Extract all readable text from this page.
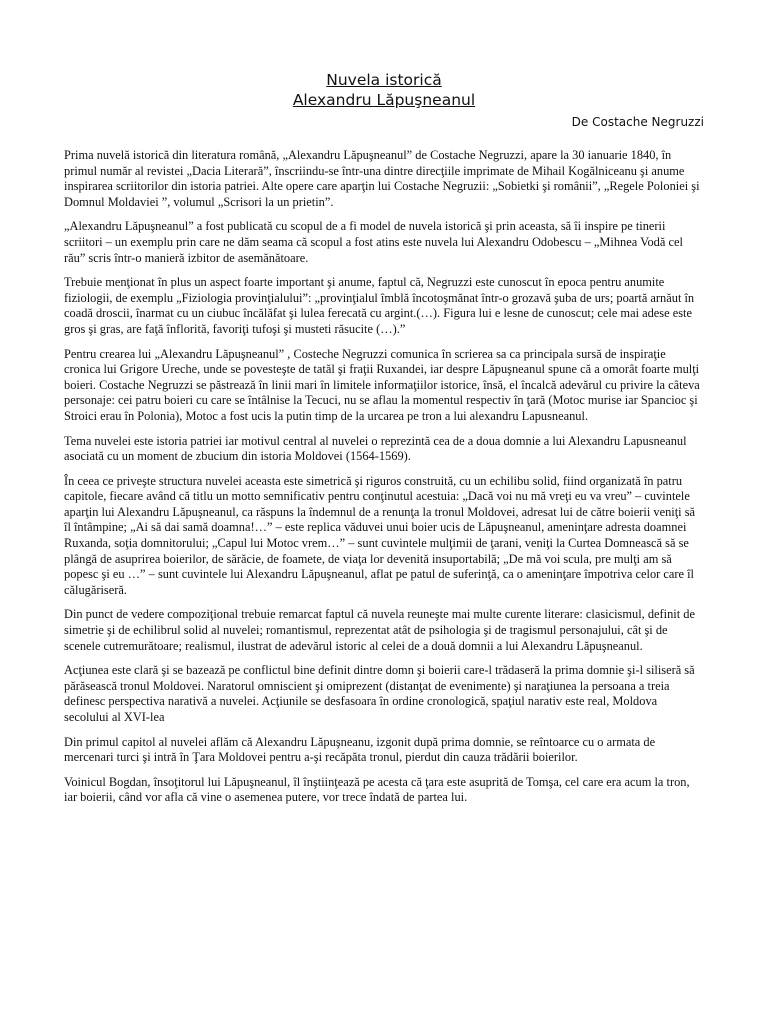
Nuvela istorică
Alexandru Lăpuşneanul
De Costache Negruzzi

Prima nuvelă istorică din literatura română, „Alexandru Lăpuşneanul” de Costache Negruzzi, apare la 30 ianuarie 1840, în primul număr al revistei „Dacia Literară”, înscriindu-se într-una dintre direcţiile imprimate de Mihail Kogălniceanu şi anume inspirarea scriitorilor din istoria patriei. Alte opere care aparţin lui Costache Negruzii: „Sobietki şi românii”, „Regele Poloniei şi Domnul Moldaviei ”, volumul „Scrisori la un prietin”.

„Alexandru Lăpuşneanul” a fost publicată cu scopul de a fi model de nuvela istorică şi prin aceasta, să îi inspire pe tinerii scriitori – un exemplu prin care ne dăm seama că scopul a fost atins este nuvela lui Alexandru Odobescu – „Mihnea Vodă cel rău” scris într-o manieră izbitor de asemănătoare.

Trebuie menţionat în plus un aspect foarte important şi anume, faptul că, Negruzzi este cunoscut în epoca pentru anumite fiziologii, de exemplu „Fiziologia provinţialului”: „provinţialul îmblă încotoşmănat într-o grozavă şuba de urs; poartă arnăut în coadă droscii, înarmat cu un ciubuc încălăfat şi lulea ferecată cu argint.(…). Figura lui e lesne de cunoscut; cele mai adese este gros şi gras, are faţă înflorită, favoriţi tufoşi şi musteti răsucite (…).”

Pentru crearea lui „Alexandru Lăpuşneanul” , Costeche Negruzzi comunica în scrierea sa ca principala sursă de inspiraţie cronica lui Grigore Ureche, unde se povesteşte de tatăl şi fraţii Ruxandei, iar despre Lăpuşneanul spune că a omorât foarte mulţi boieri. Costache Negruzzi se păstrează în linii mari în limitele informaţiilor istorice, însă, el încalcă adevărul cu privire la câteva personaje: cei patru boieri cu care se întâlnise la Tecuci, nu se aflau la momentul respectiv în ţară (Motoc murise iar Spancioc şi Stroici erau în Polonia), Motoc a fost ucis la putin timp de la urcarea pe tron a lui alexandru Lapusneanul.

Tema nuvelei este istoria patriei iar motivul central al nuvelei o reprezintă cea de a doua domnie a lui Alexandru Lapusneanul asociată cu un moment de zbucium din istoria Moldovei (1564-1569).

În ceea ce priveşte structura nuvelei aceasta este simetrică şi riguros construită, cu un echilibu solid, fiind organizată în patru capitole, fiecare având că titlu un motto semnificativ pentru conţinutul acestuia: „Dacă voi nu mă vreţi eu va vreu” – cuvintele aparţin lui Alexandru Lăpuşneanul, ca răspuns la îndemnul de a renunţa la tronul Moldovei, adresat lui de către boierii veniţi să îl întâmpine; „Ai să dai samă doamna!…” – este replica văduvei unui boier ucis de Lăpuşneanul, ameninţare adresta doamnei Ruxanda, soţia domnitorului; „Capul lui Motoc vrem…” – sunt cuvintele mulţimii de ţarani, veniţi la Curtea Domnească să se plângă de asuprirea boierilor, de sărăcie, de foamete, de viaţa lor devenită insuportabilă; „De mă voi scula, pre mulţi am să popesc şi eu …” – sunt cuvintele lui Alexandru Lăpuşneanul, aflat pe patul de suferinţă, ca o ameninţare împotriva celor care îl călugăriseră.

Din punct de vedere compoziţional trebuie remarcat faptul că nuvela reuneşte mai multe curente literare: clasicismul, definit de simetrie şi de echilibrul solid al nuvelei; romantismul, reprezentat atât de psihologia şi de tragismul personajului, cât şi de scenele cutremurătoare; realismul, ilustrat de adevărul istoric al celei de a două domnii a lui Alexandru Lăpuşneanul.

Acţiunea este clară şi se bazează pe conflictul bine definit dintre domn şi boierii care-l trădaseră la prima domnie şi-l siliseră să părăsească tronul Moldovei. Naratorul omniscient şi omiprezent (distanţat de evenimente) şi naraţiunea la persoana a treia definesc perspectiva narativă a nuvelei. Acţiunile se desfasoara în ordine cronologică, spaţiul narativ este real, Moldova secolului al XVI-lea

Din primul capitol al nuvelei aflăm că Alexandru Lăpuşneanu, izgonit după prima domnie, se reîntoarce cu o armata de mercenari turci şi intră în Ţara Moldovei pentru a-şi recăpăta tronul, pierdut din cauza trădării boierilor.

Voinicul Bogdan, însoţitorul lui Lăpuşneanul, îl înştiinţează pe acesta că ţara este asuprită de Tomşa, cel care era acum la tron, iar boierii, când vor afla că vine o asemenea putere, vor trece îndată de partea lui.
